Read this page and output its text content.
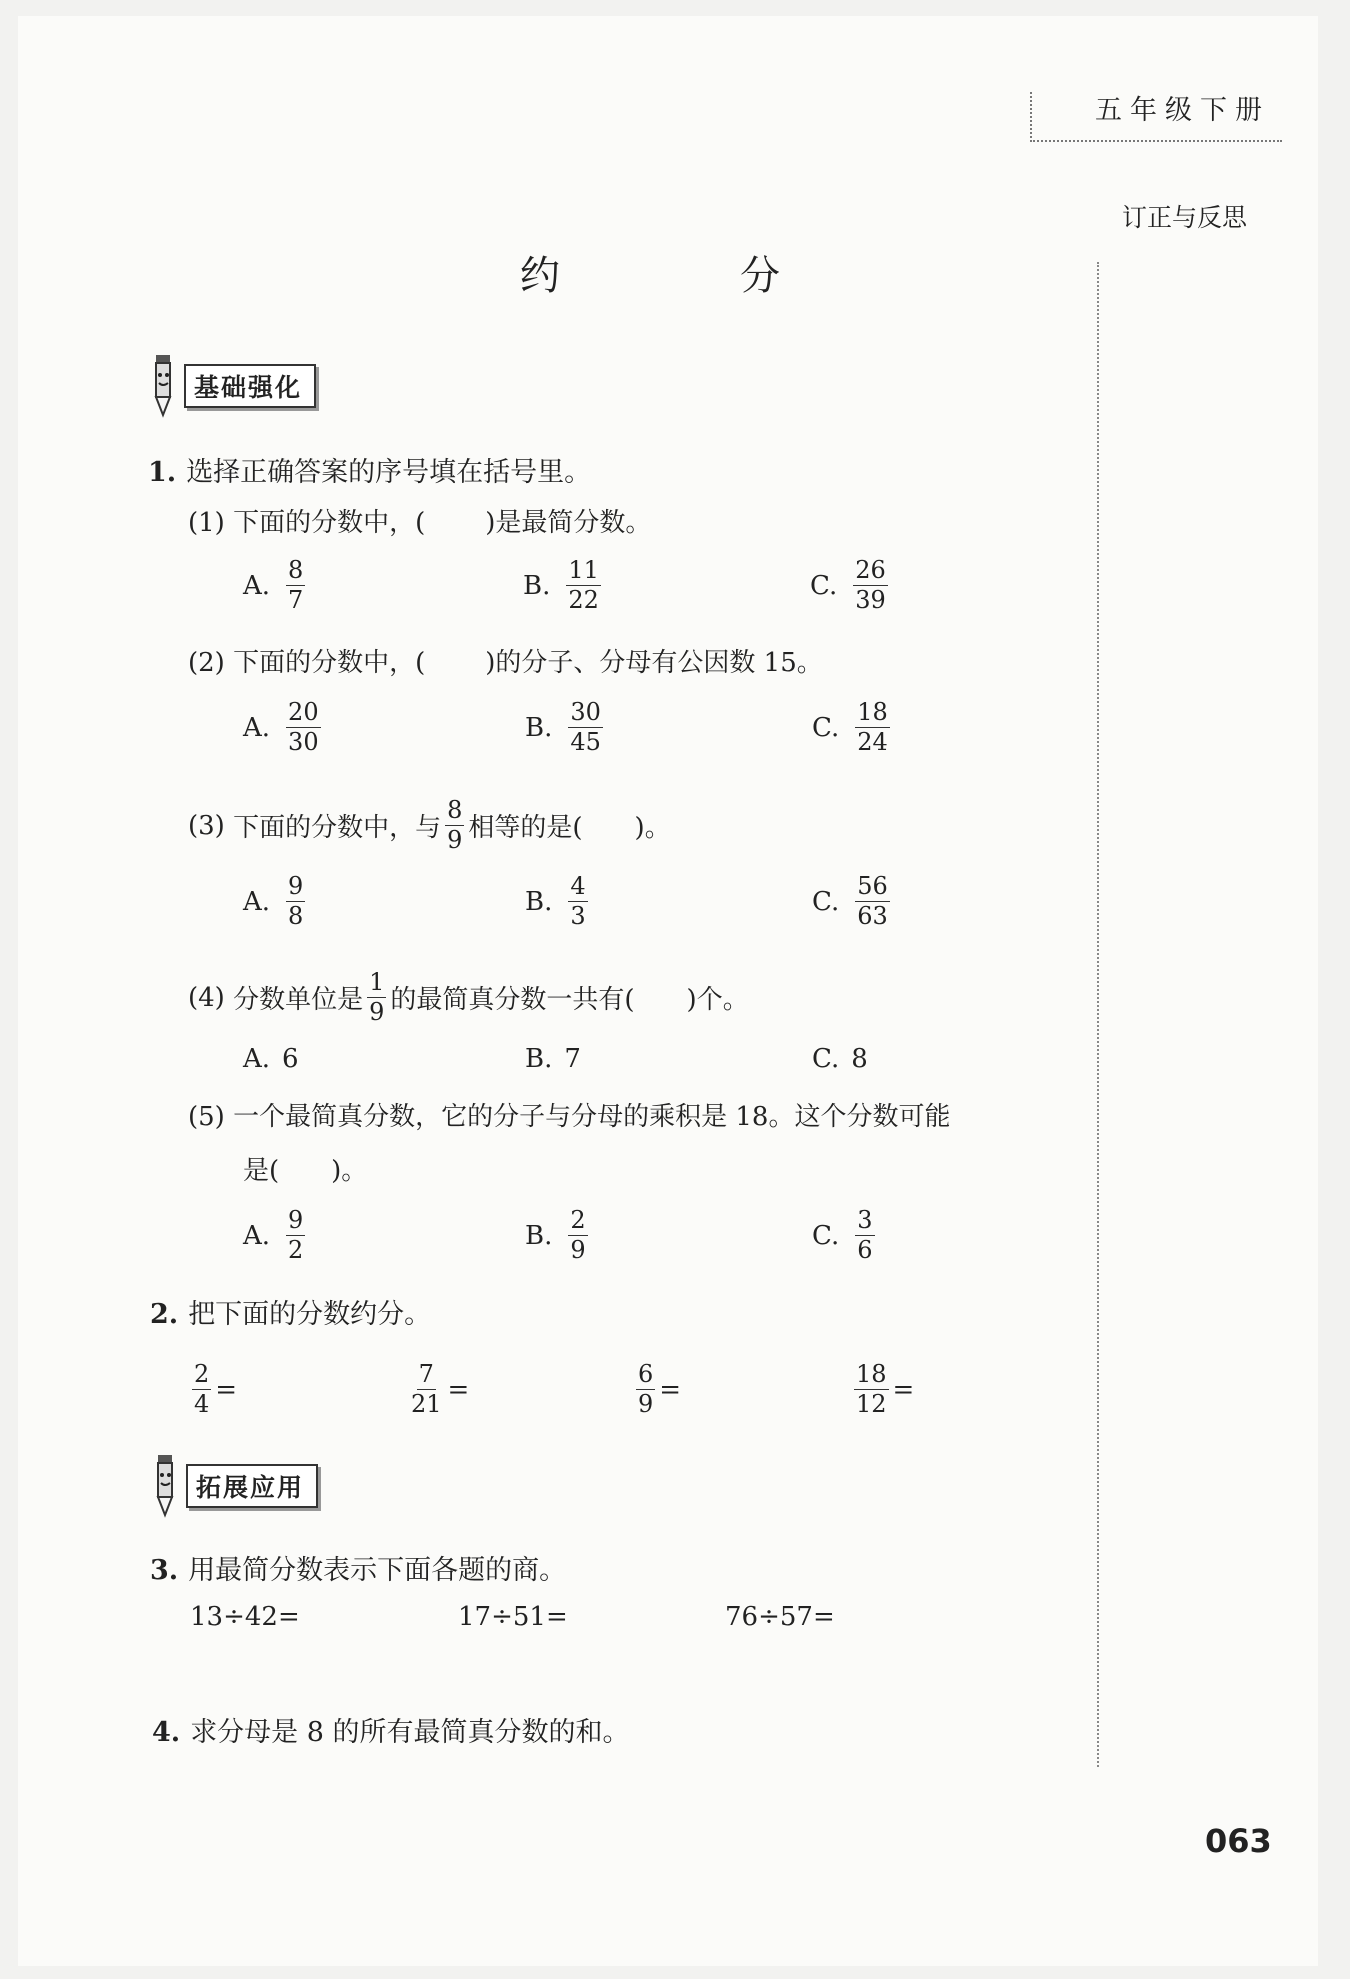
五年级下册
订正与反思
约　分
基础强化
1. 选择正确答案的序号填在括号里。
(1) 下面的分数中，( )是最简分数。
A. $\frac{8}{7}$	B. $\frac{11}{22}$	C. $\frac{26}{39}$
(2) 下面的分数中，( )的分子、分母有公因数 15。
A. $\frac{20}{30}$	B. $\frac{30}{45}$	C. $\frac{18}{24}$
(3)
下面的分数中，与 $\frac{8}{9}$ 相等的是(　　)。
A. $\frac{9}{8}$	B. $\frac{4}{3}$	C. $\frac{56}{63}$
(4)
分数单位是 $\frac{1}{9}$ 的最简真分数一共有(　　)个。
A. 6	B. 7	C. 8
(5) 一个最简真分数，它的分子与分母的乘积是 18。这个分数可能
是(　　)。
A. $\frac{9}{2}$	B. $\frac{2}{9}$	C. $\frac{3}{6}$
2. 把下面的分数约分。
$\frac{2}{4}$ =	$\frac{7}{21}$ =	$\frac{6}{9}$ =	$\frac{18}{12}$ =
拓展应用
3. 用最简分数表示下面各题的商。
13÷42=	17÷51=	76÷57=
4. 求分母是 8 的所有最简真分数的和。
063
